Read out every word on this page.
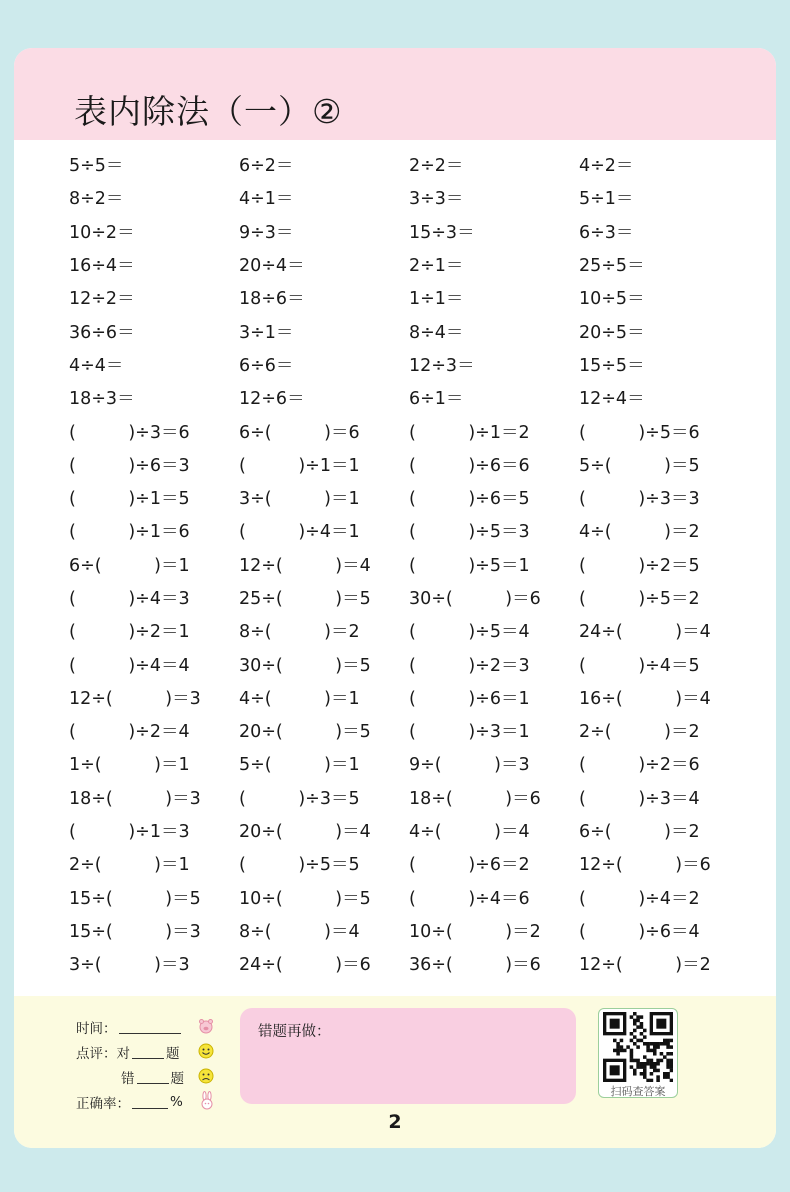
表内除法（一）②
5÷5＝	6÷2＝	2÷2＝	4÷2＝
8÷2＝	4÷1＝	3÷3＝	5÷1＝
10÷2＝	9÷3＝	15÷3＝	6÷3＝
16÷4＝	20÷4＝	2÷1＝	25÷5＝
12÷2＝	18÷6＝	1÷1＝	10÷5＝
36÷6＝	3÷1＝	8÷4＝	20÷5＝
4÷4＝	6÷6＝	12÷3＝	15÷5＝
18÷3＝	12÷6＝	6÷1＝	12÷4＝
(　　　)÷3＝6	6÷(　　　)＝6	(　　　)÷1＝2	(　　　)÷5＝6
(　　　)÷6＝3	(　　　)÷1＝1	(　　　)÷6＝6	5÷(　　　)＝5
(　　　)÷1＝5	3÷(　　　)＝1	(　　　)÷6＝5	(　　　)÷3＝3
(　　　)÷1＝6	(　　　)÷4＝1	(　　　)÷5＝3	4÷(　　　)＝2
6÷(　　　)＝1	12÷(　　　)＝4	(　　　)÷5＝1	(　　　)÷2＝5
(　　　)÷4＝3	25÷(　　　)＝5	30÷(　　　)＝6	(　　　)÷5＝2
(　　　)÷2＝1	8÷(　　　)＝2	(　　　)÷5＝4	24÷(　　　)＝4
(　　　)÷4＝4	30÷(　　　)＝5	(　　　)÷2＝3	(　　　)÷4＝5
12÷(　　　)＝3	4÷(　　　)＝1	(　　　)÷6＝1	16÷(　　　)＝4
(　　　)÷2＝4	20÷(　　　)＝5	(　　　)÷3＝1	2÷(　　　)＝2
1÷(　　　)＝1	5÷(　　　)＝1	9÷(　　　)＝3	(　　　)÷2＝6
18÷(　　　)＝3	(　　　)÷3＝5	18÷(　　　)＝6	(　　　)÷3＝4
(　　　)÷1＝3	20÷(　　　)＝4	4÷(　　　)＝4	6÷(　　　)＝2
2÷(　　　)＝1	(　　　)÷5＝5	(　　　)÷6＝2	12÷(　　　)＝6
15÷(　　　)＝5	10÷(　　　)＝5	(　　　)÷4＝6	(　　　)÷4＝2
15÷(　　　)＝3	8÷(　　　)＝4	10÷(　　　)＝2	(　　　)÷6＝4
3÷(　　　)＝3	24÷(　　　)＝6	36÷(　　　)＝6	12÷(　　　)＝2
时间：
点评：对	题
错	题
正确率：	%
错题再做：
扫码查答案
2
